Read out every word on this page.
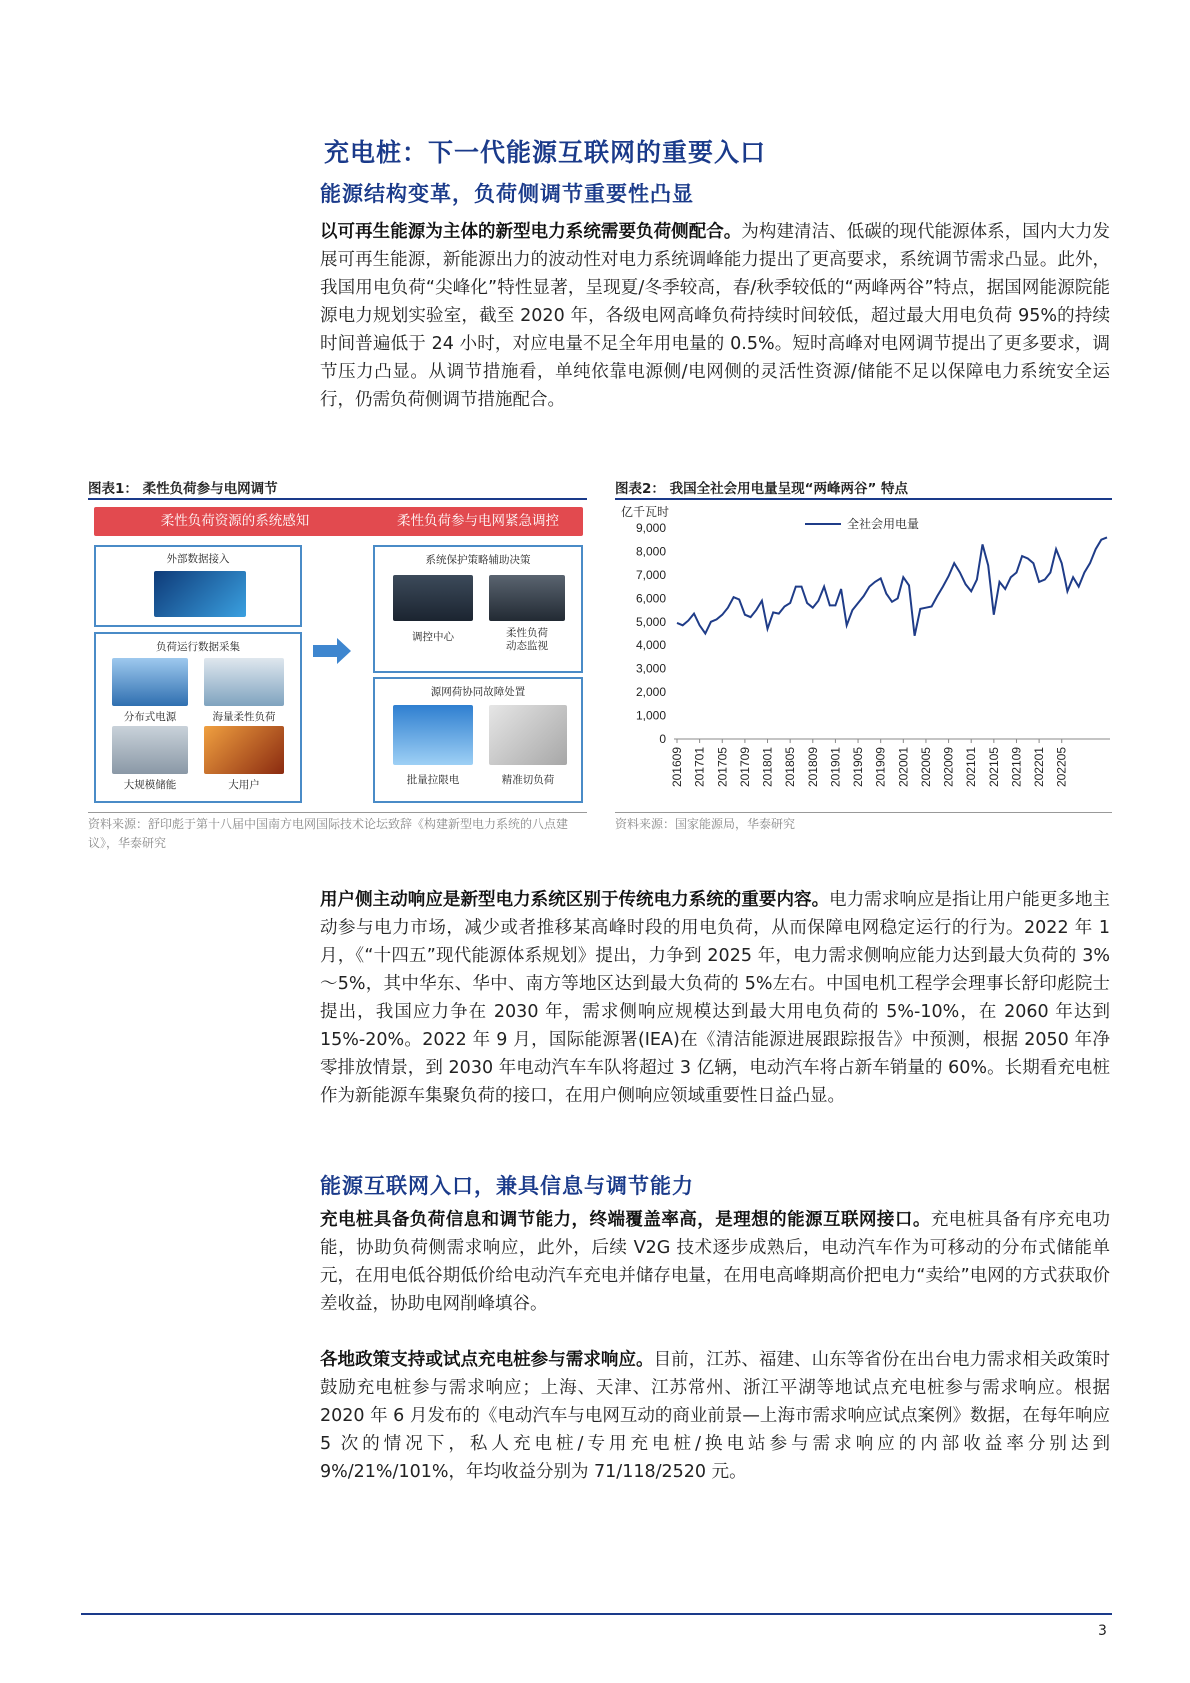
充电桩：下一代能源互联网的重要入口
能源结构变革，负荷侧调节重要性凸显
以可再生能源为主体的新型电力系统需要负荷侧配合。为构建清洁、低碳的现代能源体系，国内大力发展可再生能源，新能源出力的波动性对电力系统调峰能力提出了更高要求，系统调节需求凸显。此外，我国用电负荷“尖峰化”特性显著，呈现夏/冬季较高，春/秋季较低的“两峰两谷”特点，据国网能源院能源电力规划实验室，截至 2020 年，各级电网高峰负荷持续时间较低，超过最大用电负荷 95%的持续时间普遍低于 24 小时，对应电量不足全年用电量的 0.5%。短时高峰对电网调节提出了更多要求，调节压力凸显。从调节措施看，单纯依靠电源侧/电网侧的灵活性资源/储能不足以保障电力系统安全运行，仍需负荷侧调节措施配合。
图表1： 柔性负荷参与电网调节
柔性负荷资源的系统感知	柔性负荷参与电网紧急调控
外部数据接入
负荷运行数据采集
分布式电源	海量柔性负荷
大规模储能	大用户
系统保护策略辅助决策
调控中心	柔性负荷
动态监视
源网荷协同故障处置
批量拉限电	精准切负荷
资料来源：舒印彪于第十八届中国南方电网国际技术论坛致辞《构建新型电力系统的八点建议》，华泰研究
图表2： 我国全社会用电量呈现“两峰两谷” 特点
亿千瓦时
9,000
8,000
7,000
6,000
5,000
4,000
3,000
2,000
1,000
0
201609 201701 201705 201709 201801 201805 201809 201901 201905 201909 202001 202005 202009 202101 202105 202109 202201 202205
全社会用电量
资料来源：国家能源局，华泰研究
用户侧主动响应是新型电力系统区别于传统电力系统的重要内容。电力需求响应是指让用户能更多地主动参与电力市场，减少或者推移某高峰时段的用电负荷，从而保障电网稳定运行的行为。2022 年 1 月，《“十四五”现代能源体系规划》提出，力争到 2025 年，电力需求侧响应能力达到最大负荷的 3%～5%，其中华东、华中、南方等地区达到最大负荷的 5%左右。中国电机工程学会理事长舒印彪院士提出，我国应力争在 2030 年，需求侧响应规模达到最大用电负荷的 5%-10%，在 2060 年达到 15%-20%。2022 年 9 月，国际能源署(IEA)在《清洁能源进展跟踪报告》中预测，根据 2050 年净零排放情景，到 2030 年电动汽车车队将超过 3 亿辆，电动汽车将占新车销量的 60%。长期看充电桩作为新能源车集聚负荷的接口，在用户侧响应领域重要性日益凸显。
能源互联网入口，兼具信息与调节能力
充电桩具备负荷信息和调节能力，终端覆盖率高，是理想的能源互联网接口。充电桩具备有序充电功能，协助负荷侧需求响应，此外，后续 V2G 技术逐步成熟后，电动汽车作为可移动的分布式储能单元，在用电低谷期低价给电动汽车充电并储存电量，在用电高峰期高价把电力“卖给”电网的方式获取价差收益，协助电网削峰填谷。
各地政策支持或试点充电桩参与需求响应。目前，江苏、福建、山东等省份在出台电力需求相关政策时鼓励充电桩参与需求响应；上海、天津、江苏常州、浙江平湖等地试点充电桩参与需求响应。根据 2020 年 6 月发布的《电动汽车与电网互动的商业前景—上海市需求响应试点案例》数据，在每年响应 5 次的情况下，私人充电桩/专用充电桩/换电站参与需求响应的内部收益率分别达到 9%/21%/101%，年均收益分别为 71/118/2520 元。
3
